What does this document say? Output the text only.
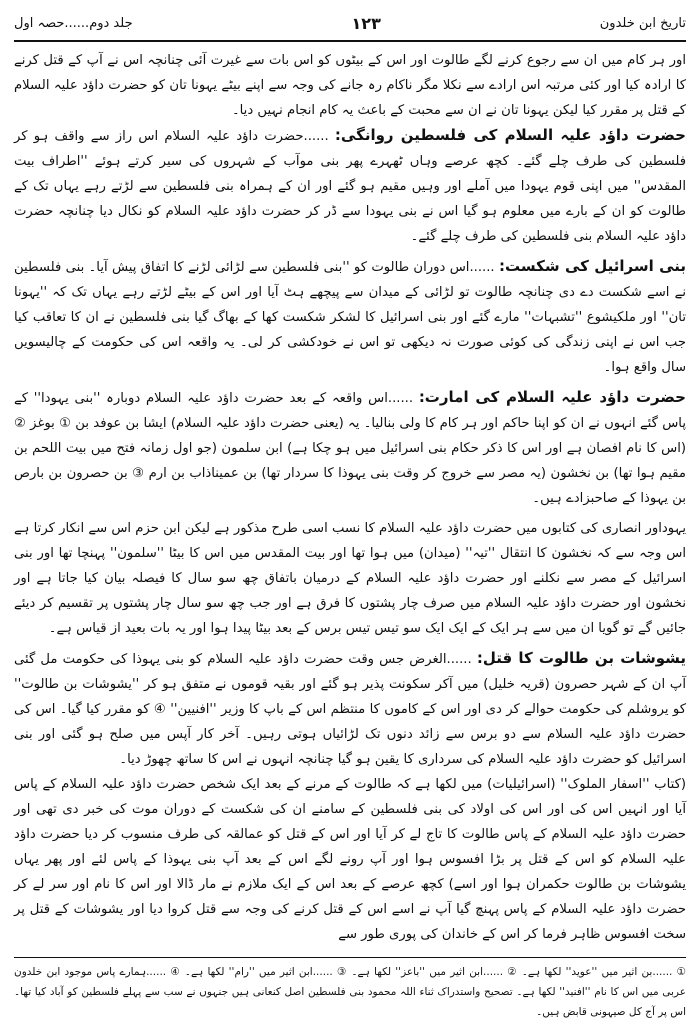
جلد دوم......حصہ اول	۱۲۳	تاریخ ابن خلدون

اور ہر کام میں ان سے رجوع کرنے لگے طالوت اور اس کے بیٹوں کو اس بات سے غیرت آئی چنانچہ اس نے آپ کے قتل کرنے کا ارادہ کیا اور کئی مرتبہ اس ارادے سے نکلا مگر ناکام رہ جانے کی وجہ سے اپنے بیٹے یہونا تان کو حضرت داؤد علیہ السلام کے قتل پر مقرر کیا لیکن یہونا تان نے ان سے محبت کے باعث یہ کام انجام نہیں دیا۔

حضرت داؤد علیہ السلام کی فلسطین روانگی: ......حضرت داؤد علیہ السلام اس راز سے واقف ہو کر فلسطین کی طرف چلے گئے۔ کچھ عرصے وہاں ٹھہرے پھر بنی موآب کے شہروں کی سیر کرتے ہوئے ''اطراف بیت المقدس'' میں اپنی قوم یہودا میں آملے اور وہیں مقیم ہو گئے اور ان کے ہمراہ بنی فلسطین سے لڑتے رہے یہاں تک کے طالوت کو ان کے بارے میں معلوم ہو گیا اس نے بنی یہودا سے ڈر کر حضرت داؤد علیہ السلام کو نکال دیا چنانچہ حضرت داؤد علیہ السلام بنی فلسطین کی طرف چلے گئے۔

بنی اسرائیل کی شکست: ......اس دوران طالوت کو ''بنی فلسطین سے لڑائی لڑنے کا اتفاق پیش آیا۔ بنی فلسطین نے اسے شکست دے دی چنانچہ طالوت تو لڑائی کے میدان سے پیچھے ہٹ آیا اور اس کے بیٹے لڑتے رہے یہاں تک کہ ''یہونا تان'' اور ملکیشوع ''تشبہات'' مارے گئے اور بنی اسرائیل کا لشکر شکست کھا کے بھاگ گیا بنی فلسطین نے ان کا تعاقب کیا جب اس نے اپنی زندگی کی کوئی صورت نہ دیکھی تو اس نے خودکشی کر لی۔ یہ واقعہ اس کی حکومت کے چالیسویں سال واقع ہوا۔

حضرت داؤد علیہ السلام کی امارت: ......اس واقعہ کے بعد حضرت داؤد علیہ السلام دوبارہ ''بنی یہودا'' کے پاس گئے انہوں نے ان کو اپنا حاکم اور ہر کام کا ولی بنالیا۔ یہ (یعنی حضرت داؤد علیہ السلام) ایشا بن عوفد بن ① بوغز ② (اس کا نام افصان ہے اور اس کا ذکر حکام بنی اسرائیل میں ہو چکا ہے) ابن سلمون (جو اول زمانہ فتح میں بیت اللحم بن مقیم ہوا تھا) بن نخشون (یہ مصر سے خروج کر وقت بنی یہوذا کا سردار تھا) بن عمیناذاب بن ارم ③ بن حصرون بن بارص بن یہوذا کے صاحبزادے ہیں۔

یہوداور انصاری کی کتابوں میں حضرت داؤد علیہ السلام کا نسب اسی طرح مذکور ہے لیکن ابن حزم اس سے انکار کرتا ہے اس وجہ سے کہ نخشون کا انتقال ''تیہ'' (میدان) میں ہوا تھا اور بیت المقدس میں اس کا بیٹا ''سلمون'' پہنچا تھا اور بنی اسرائیل کے مصر سے نکلنے اور حضرت داؤد علیہ السلام کے درمیان باتفاق چھ سو سال کا فیصلہ بیان کیا جاتا ہے اور نخشون اور حضرت داؤد علیہ السلام میں صرف چار پشتوں کا فرق ہے اور جب چھ سو سال چار پشتوں پر تقسیم کر دیئے جائیں گے تو گویا ان میں سے ہر ایک کے ایک ایک سو تیس تیس برس کے بعد بیٹا پیدا ہوا اور یہ بات بعید از قیاس ہے۔

یشوشات بن طالوت کا قتل: ......الغرض جس وقت حضرت داؤد علیہ السلام کو بنی یہوذا کی حکومت مل گئی آپ ان کے شہر حصرون (قریہ خلیل) میں آکر سکونت پذیر ہو گئے اور بقیہ قوموں نے متفق ہو کر ''یشوشات بن طالوت'' کو یروشلم کی حکومت حوالے کر دی اور اس کے کاموں کا منتظم اس کے باپ کا وزیر ''افنیین'' ④ کو مقرر کیا گیا۔ اس کی حضرت داؤد علیہ السلام سے دو برس سے زائد دنوں تک لڑائیاں ہوتی رہیں۔ آخر کار آپس میں صلح ہو گئی اور بنی اسرائیل کو حضرت داؤد علیہ السلام کی سرداری کا یقین ہو گیا چنانچہ انہوں نے اس کا ساتھ چھوڑ دیا۔

(کتاب ''اسفار الملوک'' (اسرائیلیات) میں لکھا ہے کہ طالوت کے مرنے کے بعد ایک شخص حضرت داؤد علیہ السلام کے پاس آیا اور انہیں اس کی اور اس کی اولاد کی بنی فلسطین کے سامنے ان کی شکست کے دوران موت کی خبر دی تھی اور حضرت داؤد علیہ السلام کے پاس طالوت کا تاج لے کر آیا اور اس کے قتل کو عمالقہ کی طرف منسوب کر دیا حضرت داؤد علیہ السلام کو اس کے قتل پر بڑا افسوس ہوا اور آپ رونے لگے اس کے بعد آپ بنی یہوذا کے پاس لئے اور پھر یہاں یشوشات بن طالوت حکمران ہوا اور اسے) کچھ عرصے کے بعد اس کے ایک ملازم نے مار ڈالا اور اس کا نام اور سر لے کر حضرت داؤد علیہ السلام کے پاس پہنچ گیا آپ نے اسے اس کے قتل کرنے کی وجہ سے قتل کروا دیا اور یشوشات کے قتل پر سخت افسوس ظاہر فرما کر اس کے خاندان کی پوری طور سے

① ......بن اثیر میں ''عوید'' لکھا ہے۔ ② ......ابن اثیر میں ''باعز'' لکھا ہے۔ ③ ......ابن اثیر میں ''رام'' لکھا ہے۔ ④ ......ہمارے پاس موجود ابن خلدون عربی میں اس کا نام ''افنید'' لکھا ہے۔ تصحیح واستدراک ثناء اللہ محمود بنی فلسطین اصل کنعانی ہیں جنہوں نے سب سے پہلے فلسطین کو آباد کیا تھا۔ اس پر آج کل صیہونی قابض ہیں۔
